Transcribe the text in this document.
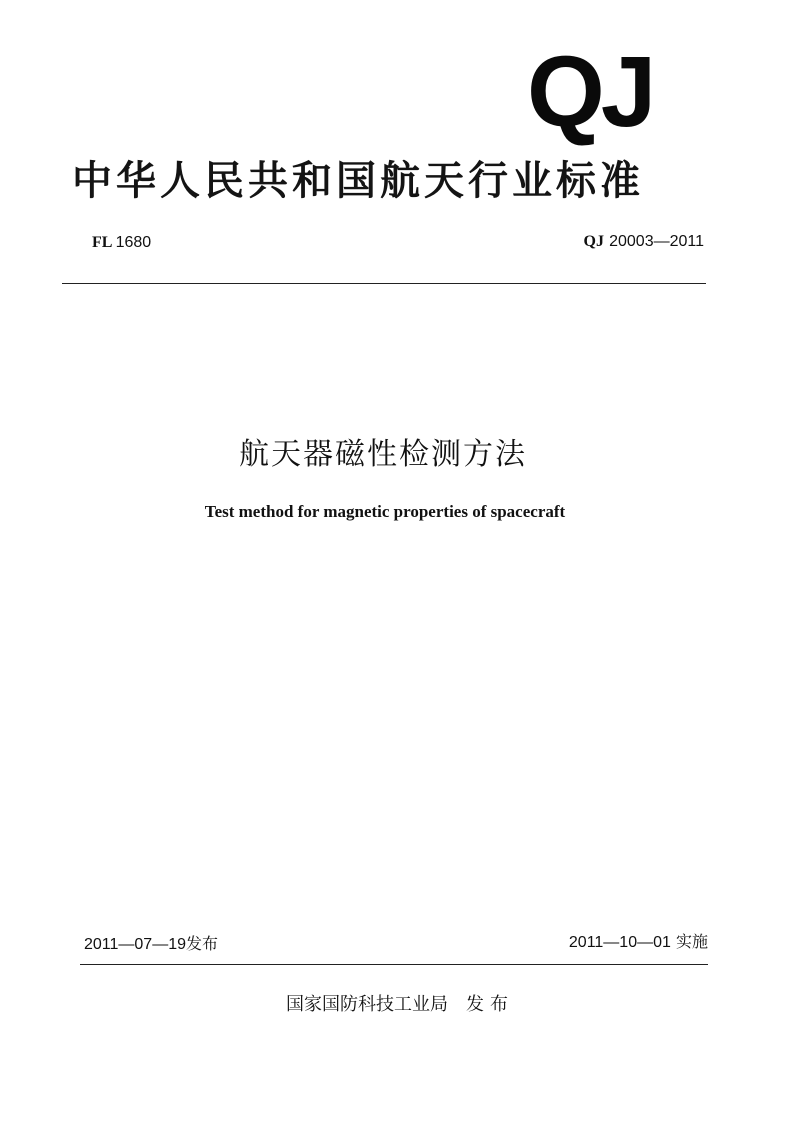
QJ
中华人民共和国航天行业标准
FL 1680	QJ 20003—2011
航天器磁性检测方法
Test method for magnetic properties of spacecraft
2011—07—19发布	2011—10—01 实施
国家国防科技工业局 发布
